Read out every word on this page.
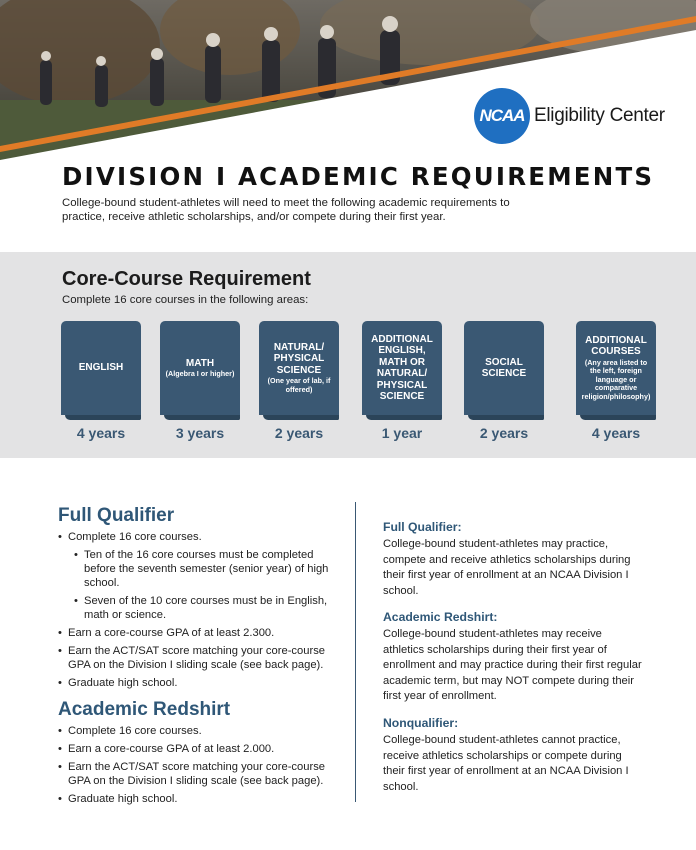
NCAA Eligibility Center
DIVISION I ACADEMIC REQUIREMENTS

College-bound student-athletes will need to meet the following academic requirements to practice, receive athletic scholarships, and/or compete during their first year.

Core-Course Requirement

Complete 16 core courses in the following areas:

ENGLISH
4 years
MATH
(Algebra I or higher)
3 years
NATURAL/ PHYSICAL SCIENCE
(One year of lab, if offered)
2 years
ADDITIONAL ENGLISH, MATH OR NATURAL/ PHYSICAL SCIENCE
1 year
SOCIAL SCIENCE
2 years
ADDITIONAL COURSES
(Any area listed to the left, foreign language or comparative religion/philosophy)
4 years
Full Qualifier
• Complete 16 core courses.
• Ten of the 16 core courses must be completed before the seventh semester (senior year) of high school.
• Seven of the 10 core courses must be in English, math or science.
• Earn a core-course GPA of at least 2.300.
• Earn the ACT/SAT score matching your core-course GPA on the Division I sliding scale (see back page).
• Graduate high school.
Academic Redshirt
• Complete 16 core courses.
• Earn a core-course GPA of at least 2.000.
• Earn the ACT/SAT score matching your core-course GPA on the Division I sliding scale (see back page).
• Graduate high school.

Full Qualifier:

College-bound student-athletes may practice, compete and receive athletics scholarships during their first year of enrollment at an NCAA Division I school.

Academic Redshirt:

College-bound student-athletes may receive athletics scholarships during their first year of enrollment and may practice during their first regular academic term, but may NOT compete during their first year of enrollment.

Nonqualifier:

College-bound student-athletes cannot practice, receive athletics scholarships or compete during their first year of enrollment at an NCAA Division I school.
